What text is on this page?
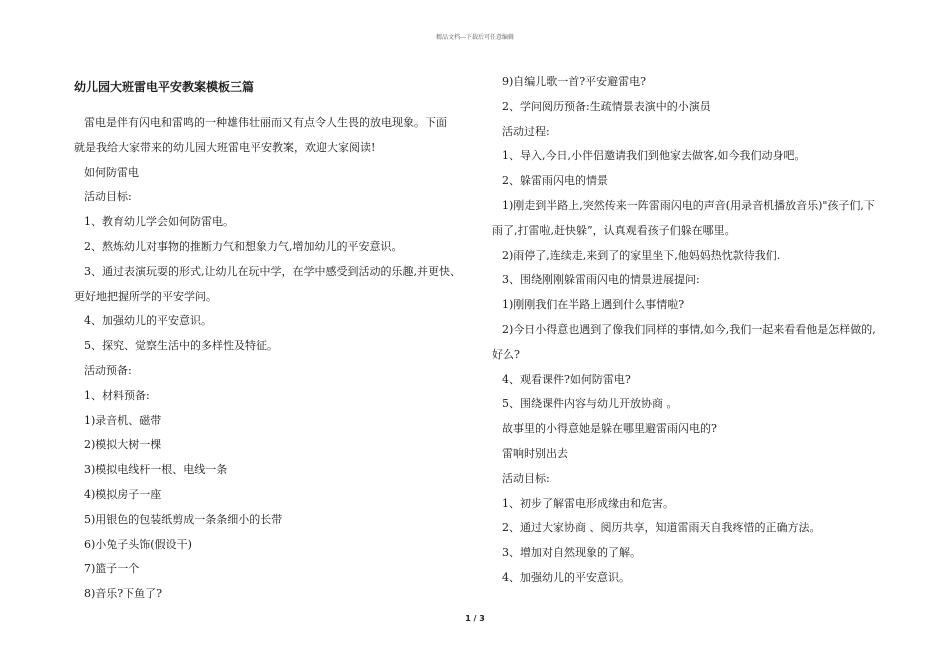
精品文档---下载后可任意编辑
幼儿园大班雷电平安教案模板三篇

雷电是伴有闪电和雷鸣的一种雄伟壮丽而又有点令人生畏的放电现象。下面

就是我给大家带来的幼儿园大班雷电平安教案，欢迎大家阅读!

如何防雷电

活动目标:

1、教育幼儿学会如何防雷电。

2、熬炼幼儿对事物的推断力气和想象力气,增加幼儿的平安意识。

3、通过表演玩耍的形式,让幼儿在玩中学，在学中感受到活动的乐趣,并更快、

更好地把握所学的平安学问。

4、加强幼儿的平安意识。

5、探究、觉察生活中的多样性及特征。

活动预备:

1、材料预备:

1)录音机、磁带

2)模拟大树一棵

3)模拟电线杆一根、电线一条

4)模拟房子一座

5)用银色的包装纸剪成一条条细小的长带

6)小兔子头饰(假设干)

7)篮子一个

8)音乐?下鱼了?

9)自编儿歌一首?平安避雷电?

2、学问阅历预备:生疏情景表演中的小演员

活动过程:

1、导入,今日,小伴侣邀请我们到他家去做客,如今我们动身吧。

2、躲雷雨闪电的情景

1)刚走到半路上,突然传来一阵雷雨闪电的声音(用录音机播放音乐)"孩子们,下

雨了,打雷啦,赶快躲”，认真观看孩子们躲在哪里。

2)雨停了,连续走,来到了的家里坐下,他妈妈热忱款待我们.

3、围绕刚刚躲雷雨闪电的情景进展提问:

1)刚刚我们在半路上遇到什么事情啦?

2)今日小得意也遇到了像我们同样的事情,如今,我们一起来看看他是怎样做的,

好么?

4、观看课件?如何防雷电?

5、围绕课件内容与幼儿开放协商 。

故事里的小得意她是躲在哪里避雷雨闪电的?

雷响时别出去

活动目标:

1、初步了解雷电形成缘由和危害。

2、通过大家协商 、阅历共享，知道雷雨天自我疼惜的正确方法。

3、增加对自然现象的了解。

4、加强幼儿的平安意识。

1 / 3
